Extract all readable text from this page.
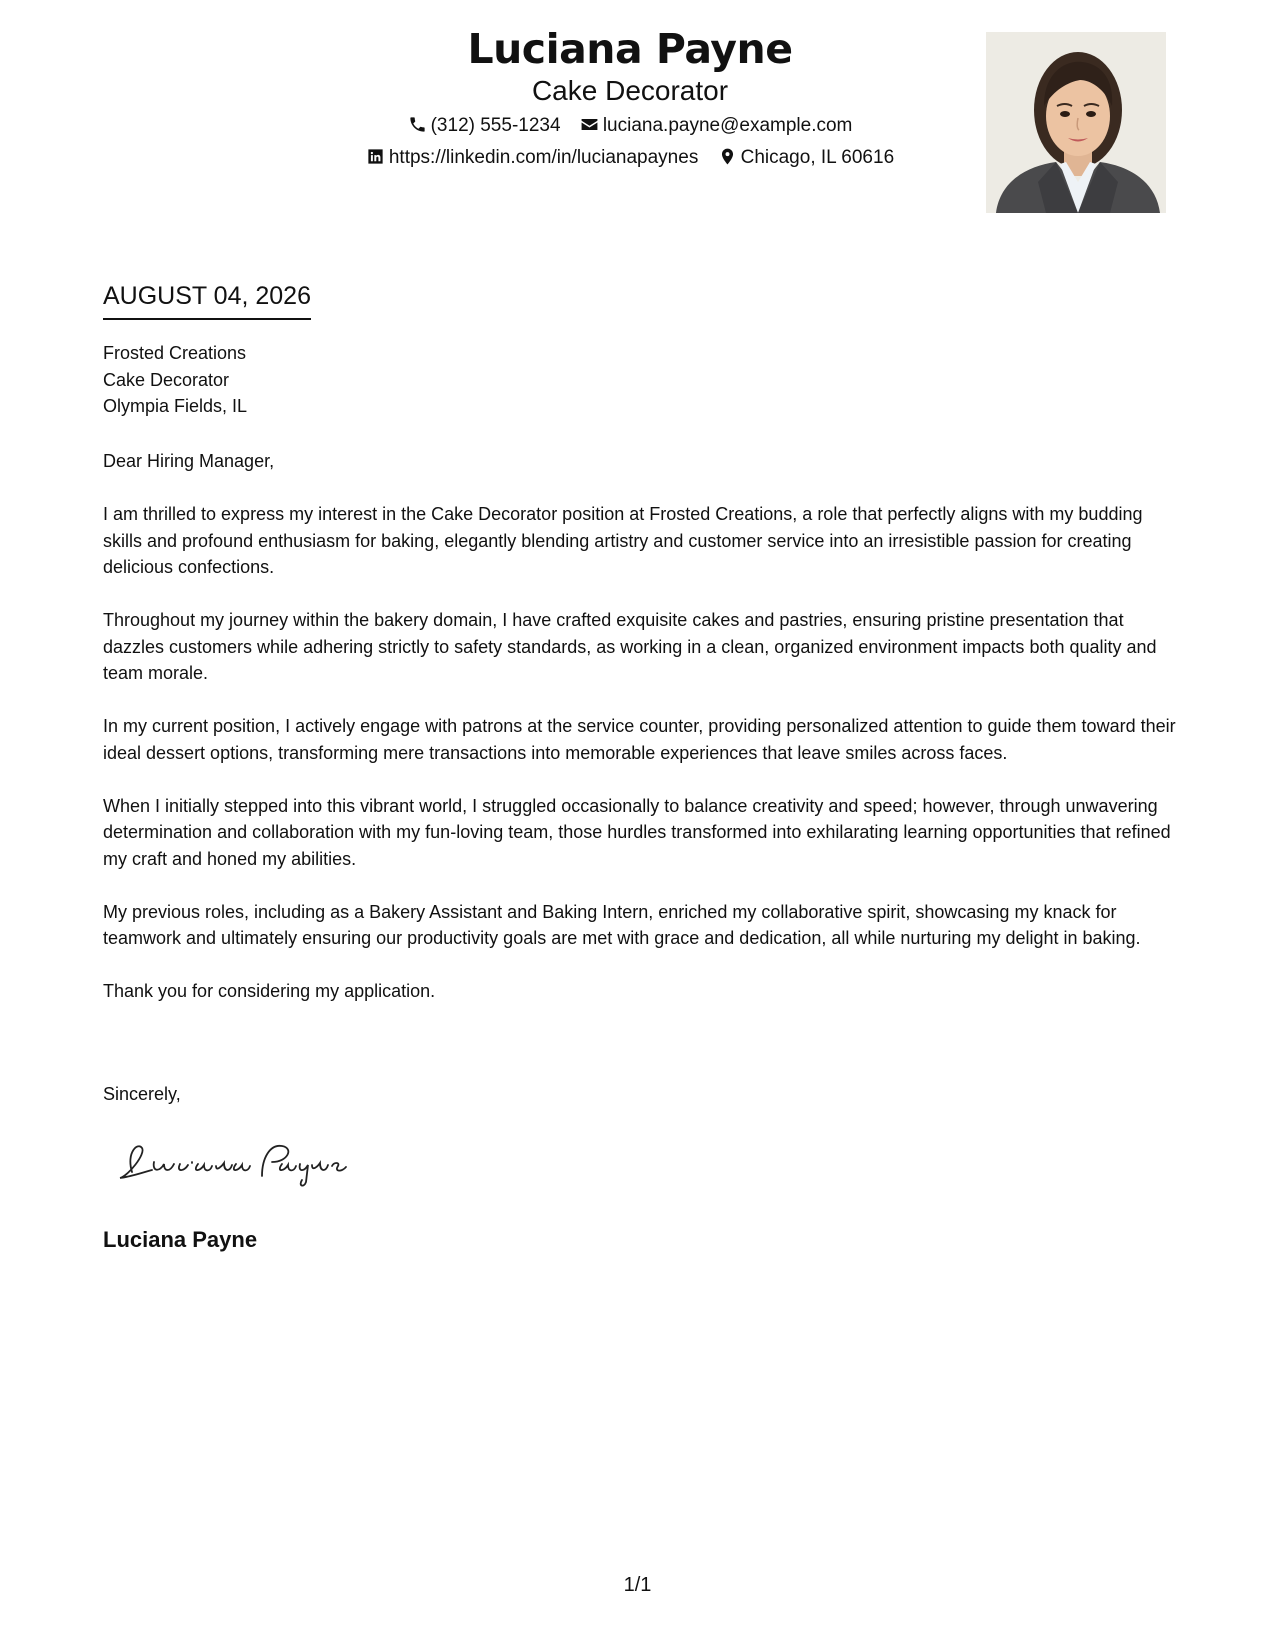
Luciana Payne
Cake Decorator
(312) 555-1234 luciana.payne@example.com
https://linkedin.com/in/lucianapaynes Chicago, IL 60616
AUGUST 04, 2026
Frosted Creations
Cake Decorator
Olympia Fields, IL

Dear Hiring Manager,

I am thrilled to express my interest in the Cake Decorator position at Frosted Creations, a role that perfectly aligns with my budding skills and profound enthusiasm for baking, elegantly blending artistry and customer service into an irresistible passion for creating delicious confections.

Throughout my journey within the bakery domain, I have crafted exquisite cakes and pastries, ensuring pristine presentation that dazzles customers while adhering strictly to safety standards, as working in a clean, organized environment impacts both quality and team morale.

In my current position, I actively engage with patrons at the service counter, providing personalized attention to guide them toward their ideal dessert options, transforming mere transactions into memorable experiences that leave smiles across faces.

When I initially stepped into this vibrant world, I struggled occasionally to balance creativity and speed; however, through unwavering determination and collaboration with my fun-loving team, those hurdles transformed into exhilarating learning opportunities that refined my craft and honed my abilities.

My previous roles, including as a Bakery Assistant and Baking Intern, enriched my collaborative spirit, showcasing my knack for teamwork and ultimately ensuring our productivity goals are met with grace and dedication, all while nurturing my delight in baking.

Thank you for considering my application.

Sincerely,
Luciana Payne
1/1
